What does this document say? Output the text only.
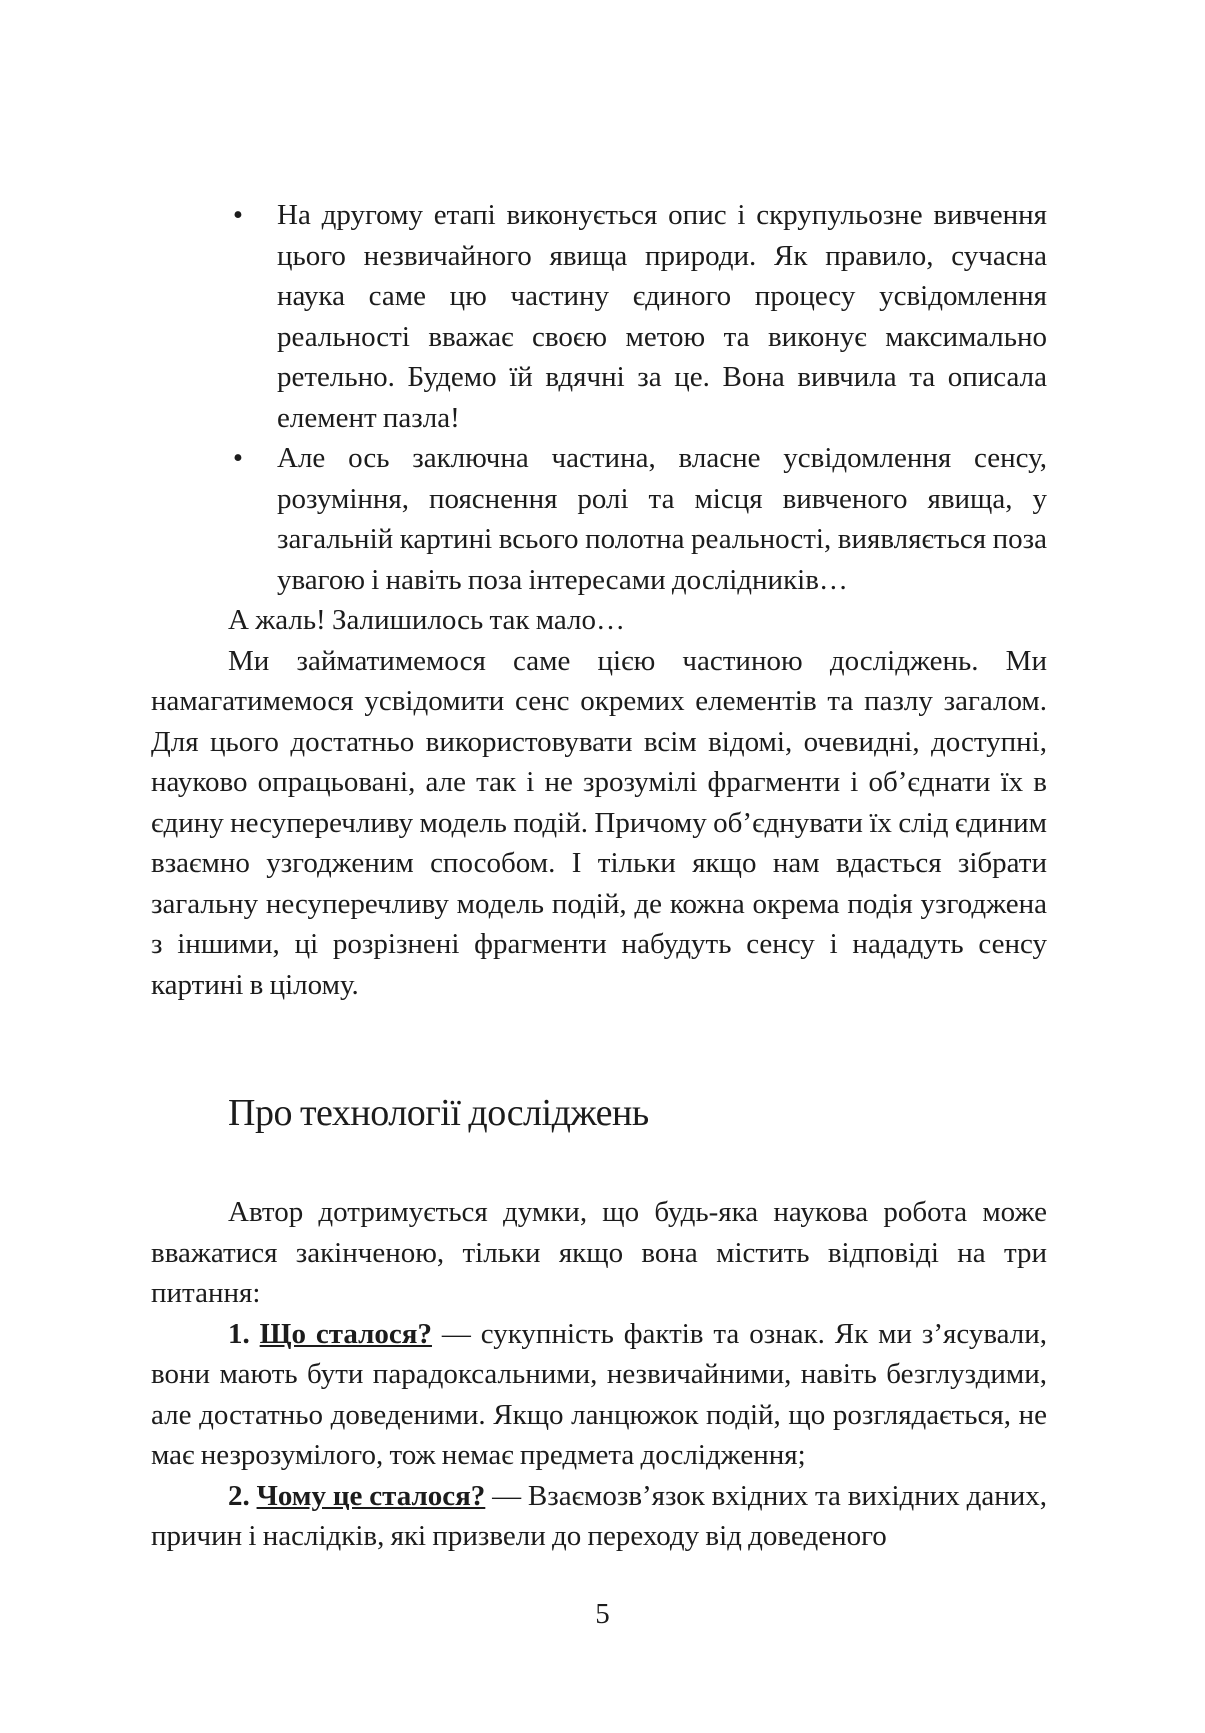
• На другому етапі виконується опис і скрупульозне вивчення цього незвичайного явища природи. Як правило, сучасна наука саме цю частину єдиного процесу усвідомлення реальності вважає своєю метою та виконує максимально ретельно. Будемо їй вдячні за це. Вона вивчила та описала елемент пазла!
• Але ось заключна частина, власне усвідомлення сенсу, розуміння, пояснення ролі та місця вивченого явища, у загальній картині всього полотна реальності, виявляється поза увагою і навіть поза інтересами дослідників…

А жаль! Залишилось так мало…

Ми займатимемося саме цією частиною досліджень. Ми намагатимемося усвідомити сенс окремих елементів та пазлу загалом. Для цього достатньо використовувати всім відомі, очевидні, доступні, науково опрацьовані, але так і не зрозумілі фрагменти і об’єднати їх в єдину несуперечливу модель подій. Причому об’єднувати їх слід єдиним взаємно узгодженим способом. І тільки якщо нам вдасться зібрати загальну несуперечливу модель подій, де кожна окрема подія узгоджена з іншими, ці розрізнені фрагменти набудуть сенсу і нададуть сенсу картині в цілому.

Про технології досліджень

Автор дотримується думки, що будь-яка наукова робота може вважатися закінченою, тільки якщо вона містить відповіді на три питання:

1. Що сталося? — сукупність фактів та ознак. Як ми з’ясували, вони мають бути парадоксальними, незвичайними, навіть безглуздими, але достатньо доведеними. Якщо ланцюжок подій, що розглядається, не має незрозумілого, тож немає предмета дослідження;

2. Чому це сталося? — Взаємозв’язок вхідних та вихідних даних, причин і наслідків, які призвели до переходу від доведеного

5
